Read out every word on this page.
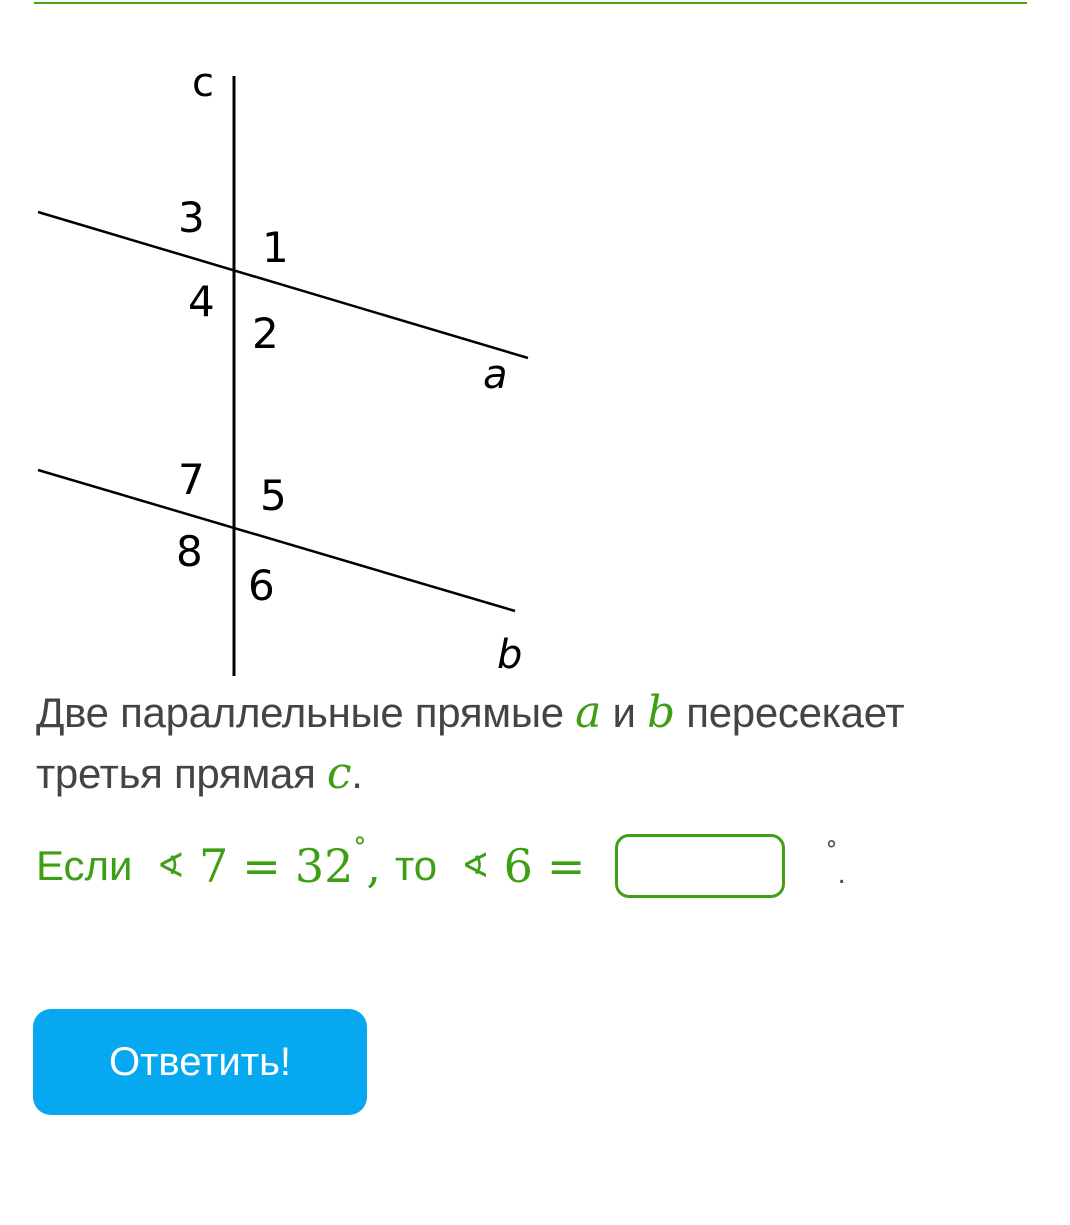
c
a
b
3
1
4
2
7 5
8
6
Две параллельные прямые a и b пересекает третья прямая c.
Если ∢ 7 = 32 ° , то ∢ 6 =	°
.
Ответить!
